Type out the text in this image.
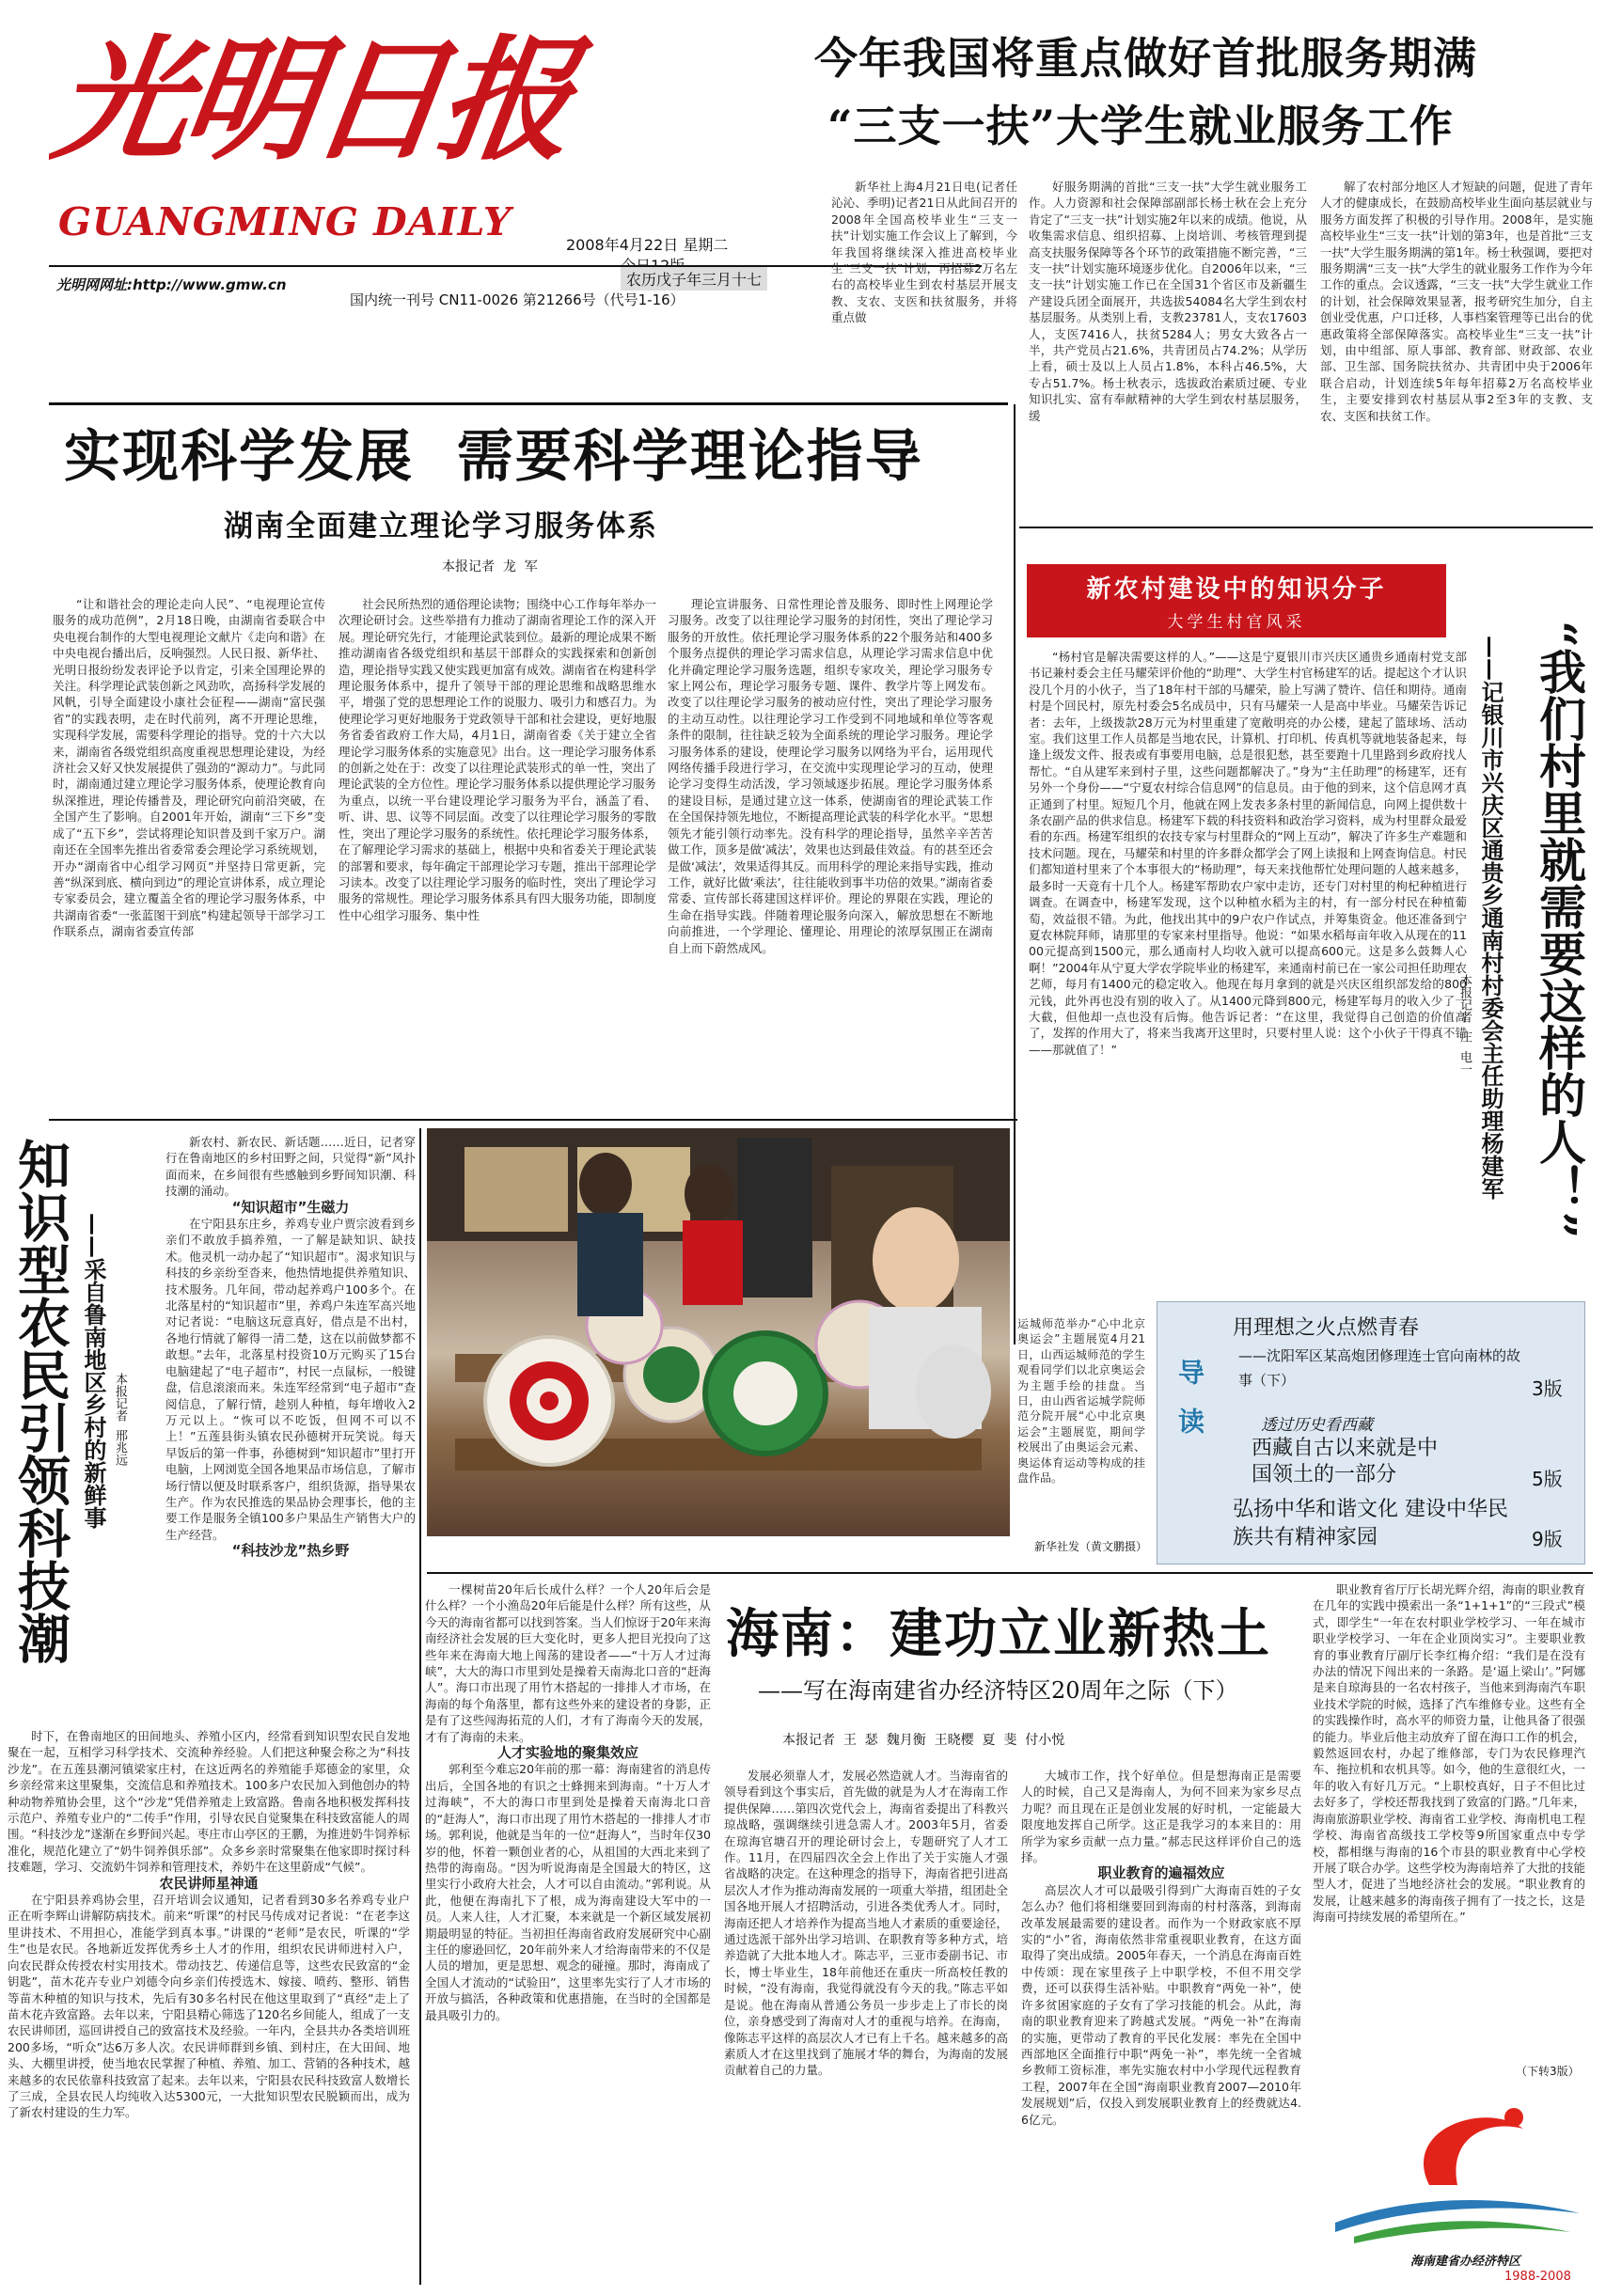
光明日报
GUANGMING DAILY
2008年4月22日 星期二
光明网网址:http://www.gmw.cn	农历戊子年三月十七
国内统一刊号 CN11-0026 第21266号（代号1-16）
今年我国将重点做好首批服务期满
“三支一扶”大学生就业服务工作
新华社上海4月21日电(记者任沁沁、季明)记者21日从此间召开的2008年全国高校毕业生“三支一扶”计划实施工作会议上了解到，今年我国将继续深入推进高校毕业生“三支一扶”计划，再招募2万名左右的高校毕业生到农村基层开展支教、支农、支医和扶贫服务，并将重点做
好服务期满的首批“三支一扶”大学生就业服务工作。人力资源和社会保障部副部长杨士秋在会上充分肯定了“三支一扶”计划实施2年以来的成绩。他说，从收集需求信息、组织招募、上岗培训、考核管理到提高支扶服务保障等各个环节的政策措施不断完善，“三支一扶”计划实施环境逐步优化。自2006年以来，“三支一扶”计划实施工作已在全国31个省区市及新疆生产建设兵团全面展开，共选拔54084名大学生到农村基层服务。从类别上看，支教23781人，支农17603人，支医7416人，扶贫5284人；男女大致各占一半，共产党员占21.6%，共青团员占74.2%；从学历上看，硕士及以上人员占1.8%，本科占46.5%，大专占51.7%。杨士秋表示，选拔政治素质过硬、专业知识扎实、富有奉献精神的大学生到农村基层服务，缓
解了农村部分地区人才短缺的问题，促进了青年人才的健康成长，在鼓励高校毕业生面向基层就业与服务方面发挥了积极的引导作用。2008年，是实施高校毕业生“三支一扶”计划的第3年，也是首批“三支一扶”大学生服务期满的第1年。杨士秋强调，要把对服务期满“三支一扶”大学生的就业服务工作作为今年工作的重点。会议透露，“三支一扶”大学生就业工作的计划，社会保障效果显著，报考研究生加分，自主创业受优惠，户口迁移，人事档案管理等已出台的优惠政策将全部保障落实。高校毕业生“三支一扶”计划，由中组部、原人事部、教育部、财政部、农业部、卫生部、国务院扶贫办、共青团中央于2006年联合启动，计划连续5年每年招募2万名高校毕业生，主要安排到农村基层从事2至3年的支教、支农、支医和扶贫工作。
实现科学发展  需要科学理论指导
湖南全面建立理论学习服务体系
本报记者  龙  军
“让和谐社会的理论走向人民”、“电视理论宣传服务的成功范例”，2月18日晚，由湖南省委联合中央电视台制作的大型电视理论文献片《走向和谐》在中央电视台播出后，反响强烈。人民日报、新华社、光明日报纷纷发表评论予以肯定，引来全国理论界的关注。科学理论武装创新之风劲吹，高扬科学发展的风帆，引导全面建设小康社会征程——湖南“富民强省”的实践表明，走在时代前列，离不开理论思维，实现科学发展，需要科学理论的指导。党的十六大以来，湖南省各级党组织高度重视思想理论建设，为经济社会又好又快发展提供了强劲的“源动力”。与此同时，湖南通过建立理论学习服务体系，使理论教育向纵深推进，理论传播普及，理论研究向前沿突破，在全国产生了影响。自2001年开始，湖南“三下乡”变成了“五下乡”，尝试将理论知识普及到千家万户。湖南还在全国率先推出省委常委会理论学习系统规划，开办“湖南省中心组学习网页”并坚持日常更新，完善“纵深到底、横向到边”的理论宣讲体系，成立理论专家委员会，建立覆盖全省的理论学习服务体系，中共湖南省委“一张蓝图干到底”构建起领导干部学习工作联系点，湖南省委宣传部
社会民所热烈的通俗理论读物；围绕中心工作每年举办一次理论研讨会。这些举措有力推动了湖南省理论工作的深入开展。理论研究先行，才能理论武装到位。最新的理论成果不断推动湖南省各级党组织和基层干部群众的实践探索和创新创造，理论指导实践又使实践更加富有成效。湖南省在构建科学理论服务体系中，提升了领导干部的理论思维和战略思维水平，增强了党的思想理论工作的说服力、吸引力和感召力。为使理论学习更好地服务于党政领导干部和社会建设，更好地服务省委省政府工作大局，4月1日，湖南省委《关于建立全省理论学习服务体系的实施意见》出台。这一理论学习服务体系的创新之处在于：改变了以往理论武装形式的单一性，突出了理论武装的全方位性。理论学习服务体系以提供理论学习服务为重点，以统一平台建设理论学习服务为平台，涵盖了看、听、讲、思、议等不同层面。改变了以往理论学习服务的零散性，突出了理论学习服务的系统性。依托理论学习服务体系，在了解理论学习需求的基础上，根据中央和省委关于理论武装的部署和要求，每年确定干部理论学习专题，推出干部理论学习读本。改变了以往理论学习服务的临时性，突出了理论学习服务的常规性。理论学习服务体系具有四大服务功能，即制度性中心组学习服务、集中性
理论宣讲服务、日常性理论普及服务、即时性上网理论学习服务。改变了以往理论学习服务的封闭性，突出了理论学习服务的开放性。依托理论学习服务体系的22个服务站和400多个服务点提供的理论学习需求信息，从理论学习需求信息中优化并确定理论学习服务选题，组织专家攻关，理论学习服务专家上网公布，理论学习服务专题、课件、教学片等上网发布。改变了以往理论学习服务的被动应付性，突出了理论学习服务的主动互动性。以往理论学习工作受到不同地域和单位等客观条件的限制，往往缺乏较为全面系统的理论学习服务。理论学习服务体系的建设，使理论学习服务以网络为平台，运用现代网络传播手段进行学习，在交流中实现理论学习的互动，使理论学习变得生动活泼，学习领域逐步拓展。理论学习服务体系的建设目标，是通过建立这一体系，使湖南省的理论武装工作在全国保持领先地位，不断提高理论武装的科学化水平。“思想领先才能引领行动率先。没有科学的理论指导，虽然辛辛苦苦做工作，顶多是做‘减法’，效果也达到最佳效益。有的甚至还会是做‘减法’，效果适得其反。而用科学的理论来指导实践，推动工作，就好比做‘乘法’，往往能收到事半功倍的效果。”湖南省委常委、宣传部长蒋建国这样评价。理论的界限在实践，理论的生命在指导实践。伴随着理论服务向深入，解放思想在不断地向前推进，一个学理论、懂理论、用理论的浓厚氛围正在湖南自上而下蔚然成风。
新农村建设中的知识分子
大学生村官风采
“杨村官是解决需要这样的人。”——这是宁夏银川市兴庆区通贵乡通南村党支部书记兼村委会主任马耀荣评价他的“助理”、大学生村官杨建军的话。提起这个才认识没几个月的小伙子，当了18年村干部的马耀荣，脸上写满了赞许、信任和期待。通南村是个回民村，原先村委会5名成员中，只有马耀荣一人是高中毕业。马耀荣告诉记者：去年，上级拨款28万元为村里重建了宽敞明亮的办公楼，建起了篮球场、活动室。我们这里工作人员都是当地农民，计算机、打印机、传真机等就地装备起来，每逢上级发文件、报表或有事要用电脑，总是很犯愁，甚至要跑十几里路到乡政府找人帮忙。“自从建军来到村子里，这些问题都解决了。”身为“主任助理”的杨建军，还有另外一个身份——“宁夏农村综合信息网”的信息员。由于他的到来，这个信息网才真正通到了村里。短短几个月，他就在网上发表多条村里的新闻信息，向网上提供数十条农副产品的供求信息。杨建军下载的科技资料和政治学习资料，成为村里群众最爱看的东西。杨建军组织的农技专家与村里群众的“网上互动”，解决了许多生产难题和技术问题。现在，马耀荣和村里的许多群众都学会了网上读报和上网查询信息。村民们都知道村里来了个本事很大的“杨助理”，每天来找他帮忙处理问题的人越来越多，最多时一天竟有十几个人。杨建军帮助农户家中走访，还专门对村里的枸杞种植进行调查。在调查中，杨建军发现，这个以种植水稻为主的村，有一部分村民在种植葡萄，效益很不错。为此，他找出其中的9户农户作试点，并筹集资金。他还准备到宁夏农林院拜师，请那里的专家来村里指导。他说：“如果水稻每亩年收入从现在的1100元提高到1500元，那么通南村人均收入就可以提高600元。这是多么鼓舞人心啊！”2004年从宁夏大学农学院毕业的杨建军，来通南村前已在一家公司担任助理农艺师，每月有1400元的稳定收入。他现在每月拿到的就是兴庆区组织部发给的800元钱，此外再也没有别的收入了。从1400元降到800元，杨建军每月的收入少了一大截，但他却一点也没有后悔。他告诉记者：“在这里，我觉得自己创造的价值高了，发挥的作用大了，将来当我离开这里时，只要村里人说：这个小伙子干得真不错——那就值了！”	“我们村里就需要这样的人！”
——记银川市兴庆区通贵乡通南村村委会主任助理杨建军
本报记者  庄  电一
导读
用理想之火点燃青春
——沈阳军区某高炮团修理连士官向南林的故事（下）	3版
透过历史看西藏
西藏自古以来就是中国领土的一部分	5版
弘扬中华和谐文化 建设中华民族共有精神家园	9版
知识型农民引领科技潮 ——采自鲁南地区乡村的新鲜事 本报记者  邢兆远

新农村、新农民、新话题……近日，记者穿行在鲁南地区的乡村田野之间，只觉得“新”风扑面而来，在乡间很有些感触到乡野间知识潮、科技潮的涌动。

“知识超市”生磁力

在宁阳县东庄乡，养鸡专业户贾宗波看到乡亲们不敢放手搞养殖，一了解是缺知识、缺技术。他灵机一动办起了“知识超市”。渴求知识与科技的乡亲纷至沓来，他热情地提供养殖知识、技术服务。几年间，带动起养鸡户100多个。在北落星村的“知识超市”里，养鸡户朱连军高兴地对记者说：“电脑这玩意真好，借点是不出村，各地行情就了解得一清二楚，这在以前做梦都不敢想。”去年，北落星村投资10万元购买了15台电脑建起了“电子超市”，村民一点鼠标，一般键盘，信息滚滚而来。朱连军经常到“电子超市”查阅信息，了解行情，趁别人种植，每年增收入2万元以上。“恢可以不吃饭，但网不可以不上！”五莲县街头镇农民孙德树开玩笑说。每天早饭后的第一件事，孙德树到“知识超市”里打开电脑，上网浏览全国各地果品市场信息，了解市场行情以便及时联系客户，组织货源，指导果农生产。作为农民推选的果品协会理事长，他的主要工作是服务全镇100多户果品生产销售大户的生产经营。

“科技沙龙”热乡野

时下，在鲁南地区的田间地头、养殖小区内，经常看到知识型农民自发地聚在一起，互相学习科学技术、交流种养经验。人们把这种聚会称之为“科技沙龙”。在五莲县潮河镇梁家庄村，在这近两名的养殖能手郑德金的家里，众乡亲经常来这里聚集，交流信息和养殖技术。100多户农民加入到他创办的特种动物养殖协会里，这个“沙龙”凭借养殖走上致富路。鲁南各地积极发挥科技示范户、养殖专业户的“二传手”作用，引导农民自觉聚集在科技致富能人的周围。“科技沙龙”遂渐在乡野间兴起。枣庄市山亭区的王鹏，为推进奶牛饲养标准化，规范化建立了“奶牛饲养俱乐部”。众多乡亲时常聚集在他家即时探讨科技难题，学习、交流奶牛饲养和管理技术，养奶牛在这里蔚成“气候”。

农民讲师星神通

在宁阳县养鸡协会里，召开培训会议通知，记者看到30多名养鸡专业户正在听李辉山讲解防病技术。前来“听课”的村民马传成对记者说：“在老李这里讲技术、不用担心，准能学到真本事。”讲课的“老师”是农民，听课的“学生”也是农民。各地新近发挥优秀乡土人才的作用，组织农民讲师进村入户，向农民群众传授农村实用技术。带动技艺、传递信息等，这些农民致富的“金钥匙”，苗木花卉专业户刘德令向乡亲们传授选木、嫁接、喷药、整形、销售等苗木种植的知识与技术，先后有30多名村民在他这里取到了“真经”走上了苗木花卉致富路。去年以来，宁阳县精心筛选了120名乡间能人，组成了一支农民讲师团，巡回讲授自己的致富技术及经验。一年内，全县共办各类培训班200多场，“听众”达6万多人次。农民讲师群到乡镇、到村庄，在大田间、地头、大棚里讲授，使当地农民掌握了种植、养殖、加工、营销的各种技术，越来越多的农民依靠科技致富了起来。去年以来，宁阳县农民科技致富人数增长了三成，全县农民人均纯收入达5300元，一大批知识型农民脱颖而出，成为了新农村建设的生力军。

运城师范举办“心中北京奥运会”主题展览4月21日，山西运城师范的学生观看同学们以北京奥运会为主题手绘的挂盘。当日，由山西省运城学院师范分院开展“心中北京奥运会”主题展览，期间学校展出了由奥运会元素、奥运体育运动等构成的挂盘作品。
新华社发（黄文鹏摄）
海南：建功立业新热土
——写在海南建省办经济特区20周年之际（下）
本报记者  王  瑟  魏月衡  王晓樱  夏  斐  付小悦

一棵树苗20年后长成什么样？一个人20年后会是什么样？一个小渔岛20年后能是什么样？所有这些，从今天的海南省都可以找到答案。当人们惊讶于20年来海南经济社会发展的巨大变化时，更多人把目光投向了这些年来在海南大地上闯荡的建设者——“十万人才过海峡”，大大的海口市里到处是操着天南海北口音的“赶海人”。海口市出现了用竹木搭起的一排排人才市场，在海南的每个角落里，都有这些外来的建设者的身影，正是有了这些闯海拓荒的人们，才有了海南今天的发展，才有了海南的未来。

人才实验地的聚集效应

郭利至今难忘20年前的那一幕：海南建省的消息传出后，全国各地的有识之士蜂拥来到海南。“十万人才过海峡”，不大的海口市里到处是操着天南海北口音的“赶海人”，海口市出现了用竹木搭起的一排排人才市场。郭利说，他就是当年的一位“赶海人”，当时年仅30岁的他，怀着一颗创业者的心，从祖国的大西北来到了热带的海南岛。“因为听说海南是全国最大的特区，这里实行小政府大社会，人才可以自由流动。”郭利说。从此，他便在海南扎下了根，成为海南建设大军中的一员。人来人往，人才汇聚，本来就是一个新区域发展初期最明显的特征。当初担任海南省政府发展研究中心副主任的廖逊回忆，20年前外来人才给海南带来的不仅是人员的增加，更是思想、观念的碰撞。那时，海南成了全国人才流动的“试验田”，这里率先实行了人才市场的开放与搞活，各种政策和优惠措施，在当时的全国都是最具吸引力的。

发展必须靠人才，发展必然造就人才。当海南省的领导看到这个事实后，首先做的就是为人才在海南工作提供保障……第四次党代会上，海南省委提出了科教兴琼战略，强调继续引进急需人才。2003年5月，省委在琼海官塘召开的理论研讨会上，专题研究了人才工作。11月，在四届四次全会上作出了关于实施人才强省战略的决定。在这种理念的指导下，海南省把引进高层次人才作为推动海南发展的一项重大举措，组团赴全国各地开展人才招聘活动，引进各类优秀人才。同时，海南还把人才培养作为提高当地人才素质的重要途径，通过选派干部外出学习培训、在职教育等多种方式，培养造就了大批本地人才。陈志平，三亚市委副书记、市长，博士毕业生，18年前他还在重庆一所高校任教的时候，“没有海南，我觉得就没有今天的我。”陈志平如是说。他在海南从普通公务员一步步走上了市长的岗位，亲身感受到了海南对人才的重视与培养。在海南，像陈志平这样的高层次人才已有上千名。越来越多的高素质人才在这里找到了施展才华的舞台，为海南的发展贡献着自己的力量。

大城市工作，找个好单位。但是想海南正是需要人的时候，自己又是海南人，为何不回来为家乡尽点力呢？而且现在正是创业发展的好时机，一定能最大限度地发挥自己所学。这正是我学习的本来目的：用所学为家乡贡献一点力量。”郝志民这样评价自己的选择。

职业教育的遍福效应

高层次人才可以最吸引得到广大海南百姓的子女怎么办？他们将相继要回到海南的村村落落，到海南改革发展最需要的建设者。而作为一个财政家底不厚实的“小”省，海南依然非常重视职业教育，在这方面取得了突出成绩。2005年春天，一个消息在海南百姓中传颂：现在家里孩子上中职学校，不但不用交学费，还可以获得生活补贴。中职教育“两免一补”，使许多贫困家庭的子女有了学习技能的机会。从此，海南的职业教育迎来了跨越式发展。“两免一补”在海南的实施，更带动了教育的平民化发展：率先在全国中西部地区全面推行中职“两免一补”，率先统一全省城乡教师工资标准，率先实施农村中小学现代远程教育工程，2007年在全国“海南职业教育2007—2010年发展规划”后，仅投入到发展职业教育上的经费就达4.6亿元。

职业教育省厅厅长胡光辉介绍，海南的职业教育在几年的实践中摸索出一条“1+1+1”的“三段式”模式，即学生“一年在农村职业学校学习、一年在城市职业学校学习、一年在企业顶岗实习”。主要职业教育的事业教育厅副厅长李红梅介绍：“我们是在没有办法的情况下闯出来的一条路。是‘逼上梁山’。”阿娜是来自琼海县的一名农村孩子，当他来到海南汽车职业技术学院的时候，选择了汽车维修专业。这些有全的实践操作时，高水平的师资力量，让他具备了很强的能力。毕业后他主动放弃了留在海口工作的机会，毅然返回农村，办起了维修部，专门为农民修理汽车、拖拉机和农机具等。如今，他的生意很红火，一年的收入有好几万元。“上职校真好，日子不但比过去好多了，学校还帮我找到了致富的门路。”几年来，海南旅游职业学校、海南省工业学校、海南机电工程学校、海南省高级技工学校等9所国家重点中专学校，都相继与海南的16个市县的职业教育中心学校开展了联合办学。这些学校为海南培养了大批的技能型人才，促进了当地经济社会的发展。“职业教育的发展，让越来越多的海南孩子拥有了一技之长，这是海南可持续发展的希望所在。”
（下转3版）
海南建省办经济特区
1988-2008
